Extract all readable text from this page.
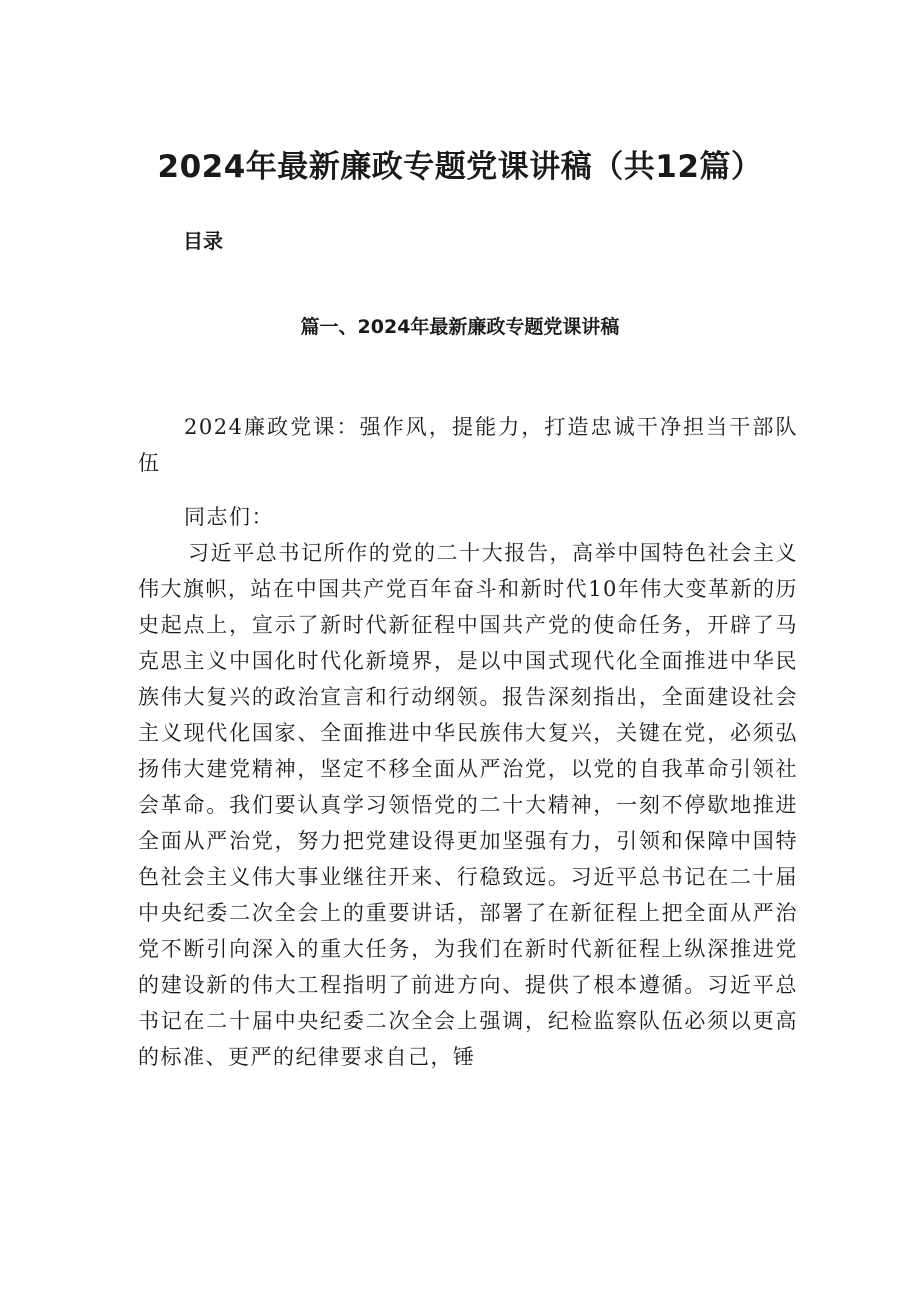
2024年最新廉政专题党课讲稿（共12篇）
目录
篇一、2024年最新廉政专题党课讲稿

2024廉政党课：强作风，提能力，打造忠诚干净担当干部队伍

同志们：

习近平总书记所作的党的二十大报告，高举中国特色社会主义伟大旗帜，站在中国共产党百年奋斗和新时代10年伟大变革新的历史起点上，宣示了新时代新征程中国共产党的使命任务，开辟了马克思主义中国化时代化新境界，是以中国式现代化全面推进中华民族伟大复兴的政治宣言和行动纲领。报告深刻指出，全面建设社会主义现代化国家、全面推进中华民族伟大复兴，关键在党，必须弘扬伟大建党精神，坚定不移全面从严治党，以党的自我革命引领社会革命。我们要认真学习领悟党的二十大精神，一刻不停歇地推进全面从严治党，努力把党建设得更加坚强有力，引领和保障中国特色社会主义伟大事业继往开来、行稳致远。习近平总书记在二十届中央纪委二次全会上的重要讲话，部署了在新征程上把全面从严治党不断引向深入的重大任务，为我们在新时代新征程上纵深推进党的建设新的伟大工程指明了前进方向、提供了根本遵循。习近平总书记在二十届中央纪委二次全会上强调，纪检监察队伍必须以更高的标准、更严的纪律要求自己，锤
